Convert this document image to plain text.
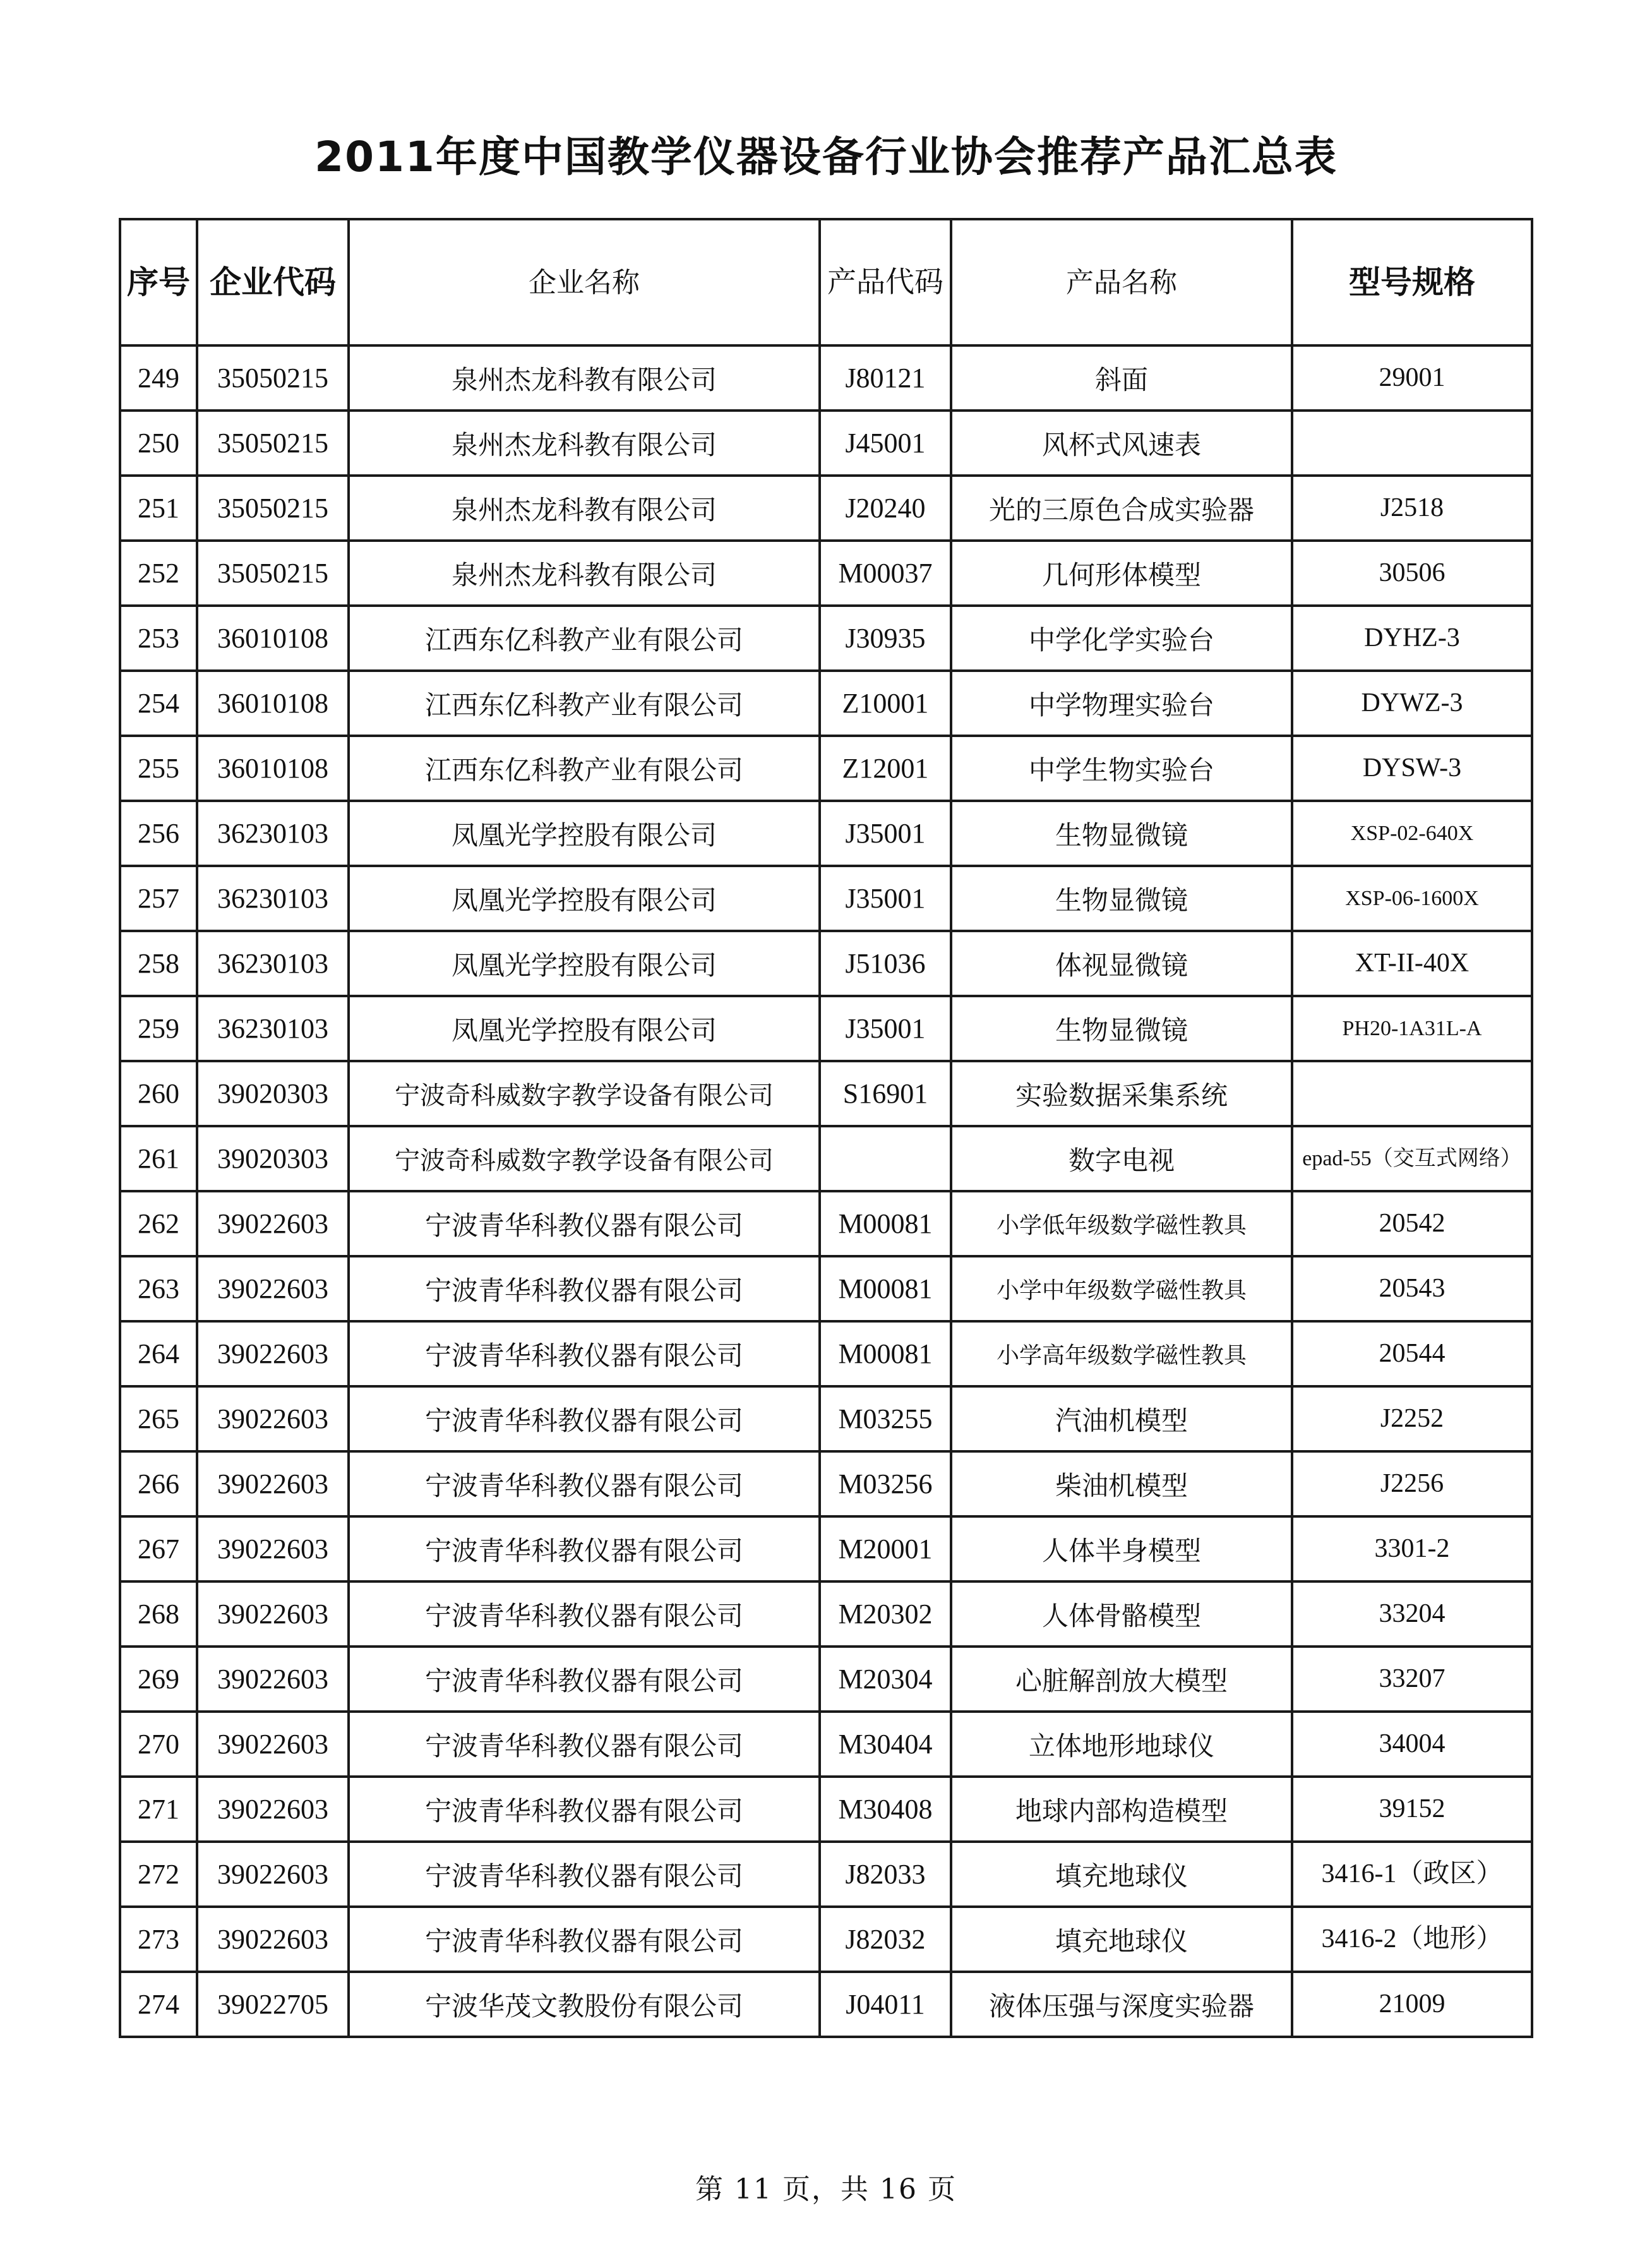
2011年度中国教学仪器设备行业协会推荐产品汇总表
序号	企业代码	企业名称	产品代码	产品名称	型号规格
249	35050215	泉州杰龙科教有限公司	J80121	斜面	29001
250	35050215	泉州杰龙科教有限公司	J45001	风杯式风速表	
251	35050215	泉州杰龙科教有限公司	J20240	光的三原色合成实验器	J2518
252	35050215	泉州杰龙科教有限公司	M00037	几何形体模型	30506
253	36010108	江西东亿科教产业有限公司	J30935	中学化学实验台	DYHZ-3
254	36010108	江西东亿科教产业有限公司	Z10001	中学物理实验台	DYWZ-3
255	36010108	江西东亿科教产业有限公司	Z12001	中学生物实验台	DYSW-3
256	36230103	凤凰光学控股有限公司	J35001	生物显微镜	XSP-02-640X
257	36230103	凤凰光学控股有限公司	J35001	生物显微镜	XSP-06-1600X
258	36230103	凤凰光学控股有限公司	J51036	体视显微镜	XT-II-40X
259	36230103	凤凰光学控股有限公司	J35001	生物显微镜	PH20-1A31L-A
260	39020303	宁波奇科威数字教学设备有限公司	S16901	实验数据采集系统	
261	39020303	宁波奇科威数字教学设备有限公司		数字电视	epad-55（交互式网络）
262	39022603	宁波青华科教仪器有限公司	M00081	小学低年级数学磁性教具	20542
263	39022603	宁波青华科教仪器有限公司	M00081	小学中年级数学磁性教具	20543
264	39022603	宁波青华科教仪器有限公司	M00081	小学高年级数学磁性教具	20544
265	39022603	宁波青华科教仪器有限公司	M03255	汽油机模型	J2252
266	39022603	宁波青华科教仪器有限公司	M03256	柴油机模型	J2256
267	39022603	宁波青华科教仪器有限公司	M20001	人体半身模型	3301-2
268	39022603	宁波青华科教仪器有限公司	M20302	人体骨骼模型	33204
269	39022603	宁波青华科教仪器有限公司	M20304	心脏解剖放大模型	33207
270	39022603	宁波青华科教仪器有限公司	M30404	立体地形地球仪	34004
271	39022603	宁波青华科教仪器有限公司	M30408	地球内部构造模型	39152
272	39022603	宁波青华科教仪器有限公司	J82033	填充地球仪	3416-1（政区）
273	39022603	宁波青华科教仪器有限公司	J82032	填充地球仪	3416-2（地形）
274	39022705	宁波华茂文教股份有限公司	J04011	液体压强与深度实验器	21009
第 11 页，共 16 页
